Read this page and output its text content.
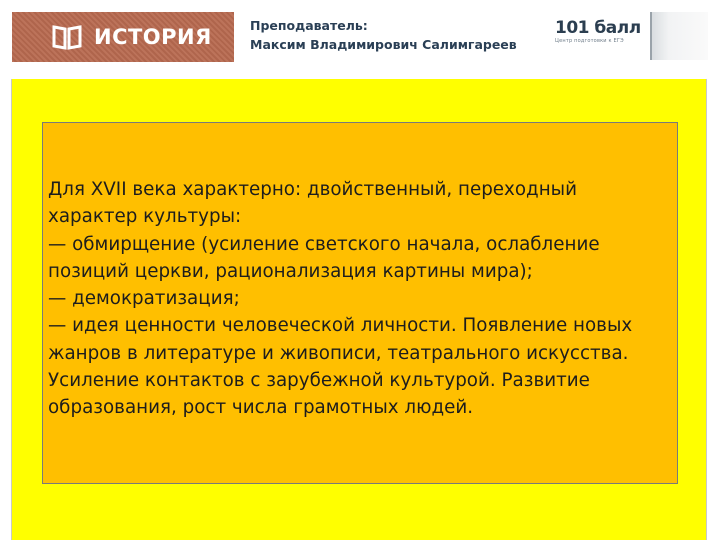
ИСТОРИЯ	Преподаватель:
Максим Владимирович Салимгареев
101 балл
Центр подготовки к ЕГЭ

Для XVII века характерно: двойственный, переходный

характер культуры:

— обмирщение (усиление светского начала, ослабление

позиций церкви, рационализация картины мира);

— демократизация;

— идея ценности человеческой личности. Появление новых

жанров в литературе и живописи, театрального искусства.

Усиление контактов с зарубежной культурой. Развитие

образования, рост числа грамотных людей.
